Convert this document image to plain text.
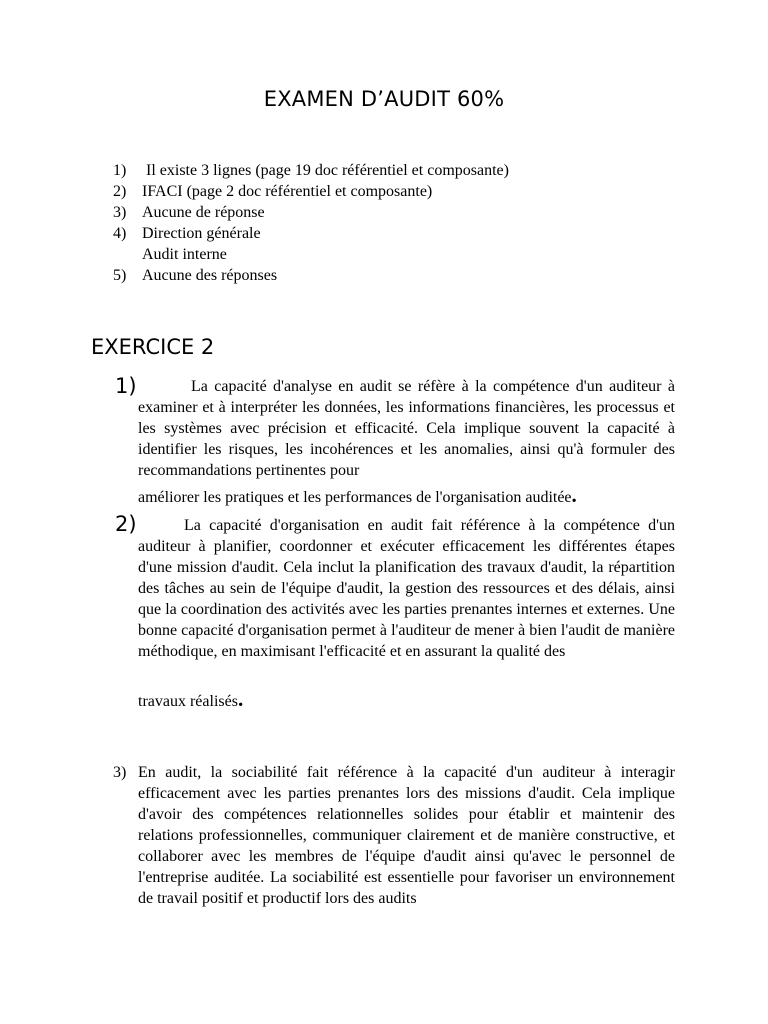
EXAMEN D’AUDIT 60%
1) Il existe 3 lignes (page 19 doc référentiel et composante)
2) IFACI (page 2 doc référentiel et composante)
3) Aucune de réponse
4) Direction générale
Audit interne
5) Aucune des réponses
EXERCICE 2
1)	La capacité d'analyse en audit se réfère à la compétence d'un auditeur à examiner et à interpréter les données, les informations financières, les processus et les systèmes avec précision et efficacité. Cela implique souvent la capacité à identifier les risques, les incohérences et les anomalies, ainsi qu'à formuler des recommandations pertinentes pour
améliorer les pratiques et les performances de l'organisation auditée.
2)	La capacité d'organisation en audit fait référence à la compétence d'un auditeur à planifier, coordonner et exécuter efficacement les différentes étapes d'une mission d'audit. Cela inclut la planification des travaux d'audit, la répartition des tâches au sein de l'équipe d'audit, la gestion des ressources et des délais, ainsi que la coordination des activités avec les parties prenantes internes et externes. Une bonne capacité d'organisation permet à l'auditeur de mener à bien l'audit de manière méthodique, en maximisant l'efficacité et en assurant la qualité des
travaux réalisés.
3) En audit, la sociabilité fait référence à la capacité d'un auditeur à interagir efficacement avec les parties prenantes lors des missions d'audit. Cela implique d'avoir des compétences relationnelles solides pour établir et maintenir des relations professionnelles, communiquer clairement et de manière constructive, et collaborer avec les membres de l'équipe d'audit ainsi qu'avec le personnel de l'entreprise auditée. La sociabilité est essentielle pour favoriser un environnement de travail positif et productif lors des audits
